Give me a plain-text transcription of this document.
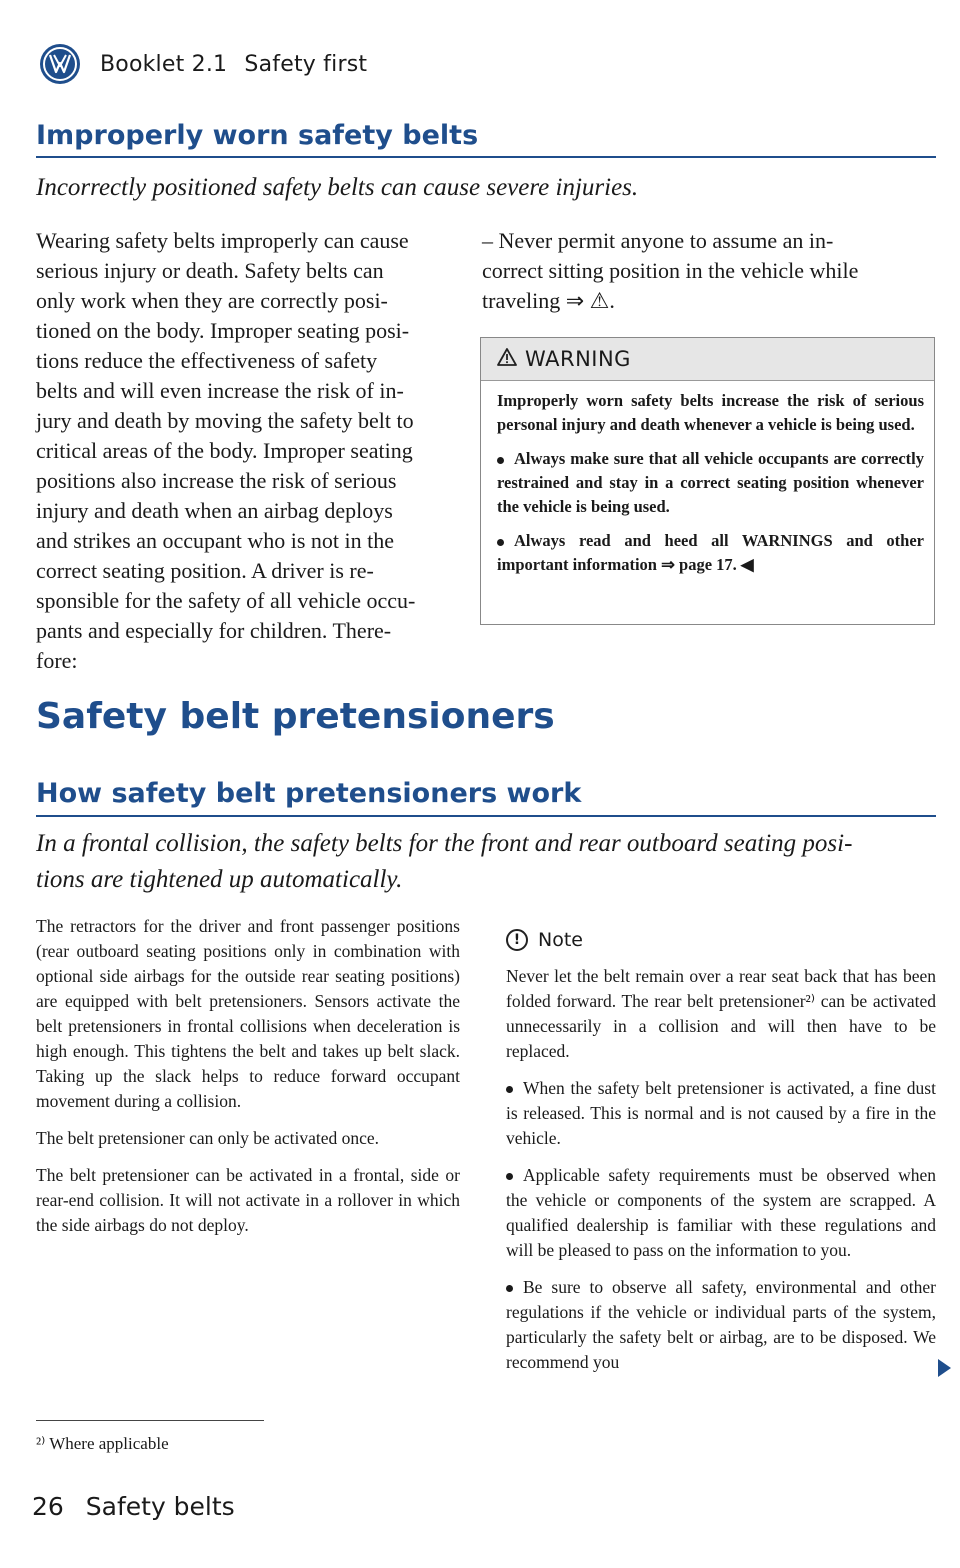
Booklet 2.1 Safety first
Improperly worn safety belts
Incorrectly positioned safety belts can cause severe injuries.
Wearing safety belts improperly can cause
serious injury or death. Safety belts can
only work when they are correctly posi-
tioned on the body. Improper seating posi-
tions reduce the effectiveness of safety
belts and will even increase the risk of in-
jury and death by moving the safety belt to
critical areas of the body. Improper seating
positions also increase the risk of serious
injury and death when an airbag deploys
and strikes an occupant who is not in the
correct seating position. A driver is re-
sponsible for the safety of all vehicle occu-
pants and especially for children. There-
fore:
– Never permit anyone to assume an in-
correct sitting position in the vehicle while
traveling ⇒ ⚠.
WARNING

Improperly worn safety belts increase the risk of serious personal injury and death whenever a vehicle is being used.

Always make sure that all vehicle occupants are correctly restrained and stay in a correct seating position whenever the vehicle is being used.

Always read and heed all WARNINGS and other important information ⇒ page 17. ◀

Safety belt pretensioners
How safety belt pretensioners work
In a frontal collision, the safety belts for the front and rear outboard seating posi-
tions are tightened up automatically.

The retractors for the driver and front passenger positions (rear outboard seating positions only in combination with optional side airbags for the outside rear seating positions) are equipped with belt pretensioners. Sensors activate the belt pretensioners in frontal collisions when deceleration is high enough. This tightens the belt and takes up belt slack. Taking up the slack helps to reduce forward occupant movement during a collision.

The belt pretensioner can only be activated once.

The belt pretensioner can be activated in a frontal, side or rear-end collision. It will not activate in a rollover in which the side airbags do not deploy.

! Note

Never let the belt remain over a rear seat back that has been folded forward. The rear belt pretensioner²⁾ can be activated unnecessarily in a collision and will then have to be replaced.

When the safety belt pretensioner is activated, a fine dust is released. This is normal and is not caused by a fire in the vehicle.

Applicable safety requirements must be observed when the vehicle or components of the system are scrapped. A qualified dealership is familiar with these regulations and will be pleased to pass on the information to you.

Be sure to observe all safety, environmental and other regulations if the vehicle or individual parts of the system, particularly the safety belt or airbag, are to be disposed. We recommend you

²⁾ Where applicable
26 Safety belts
